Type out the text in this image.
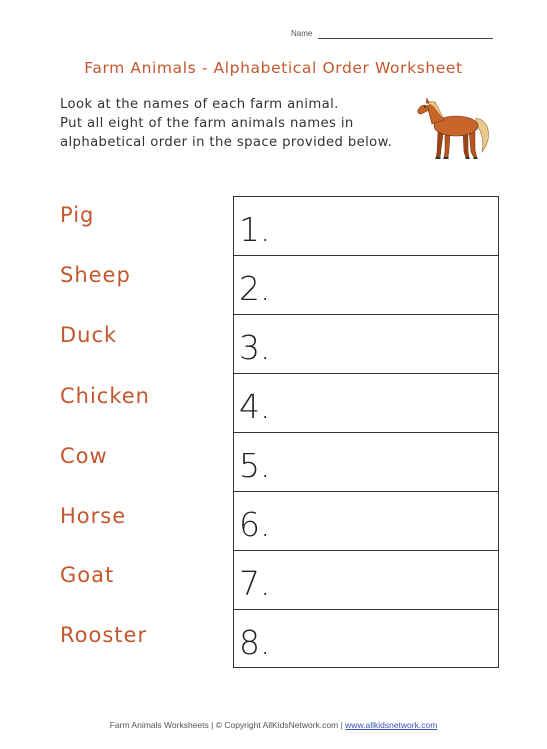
Name
Farm Animals - Alphabetical Order Worksheet
Look at the names of each farm animal.
Put all eight of the farm animals names in
alphabetical order in the space provided below.
Pig
Sheep
Duck
Chicken
Cow
Horse
Goat
Rooster
1.
2.
3.
4.
5.
6.
7.
8.
Farm Animals Worksheets | © Copyright AllKidsNetwork.com | www.allkidsnetwork.com
